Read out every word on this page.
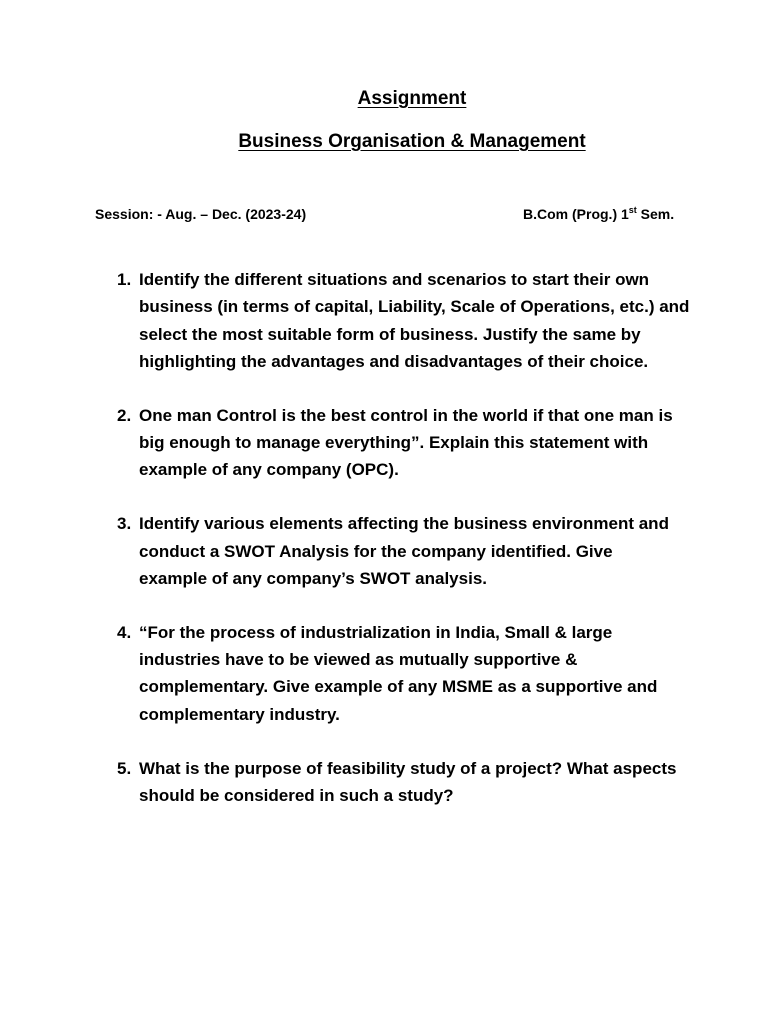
Assignment
Business Organisation & Management
Session: - Aug. – Dec. (2023-24)	B.Com (Prog.) 1st Sem.
1. Identify the different situations and scenarios to start their own
business (in terms of capital, Liability, Scale of Operations, etc.) and
select the most suitable form of business. Justify the same by
highlighting the advantages and disadvantages of their choice.
2. One man Control is the best control in the world if that one man is
big enough to manage everything”. Explain this statement with
example of any company (OPC).
3. Identify various elements affecting the business environment and
conduct a SWOT Analysis for the company identified. Give
example of any company’s SWOT analysis.
4. “For the process of industrialization in India, Small & large
industries have to be viewed as mutually supportive &
complementary. Give example of any MSME as a supportive and
complementary industry.
5. What is the purpose of feasibility study of a project? What aspects
should be considered in such a study?
